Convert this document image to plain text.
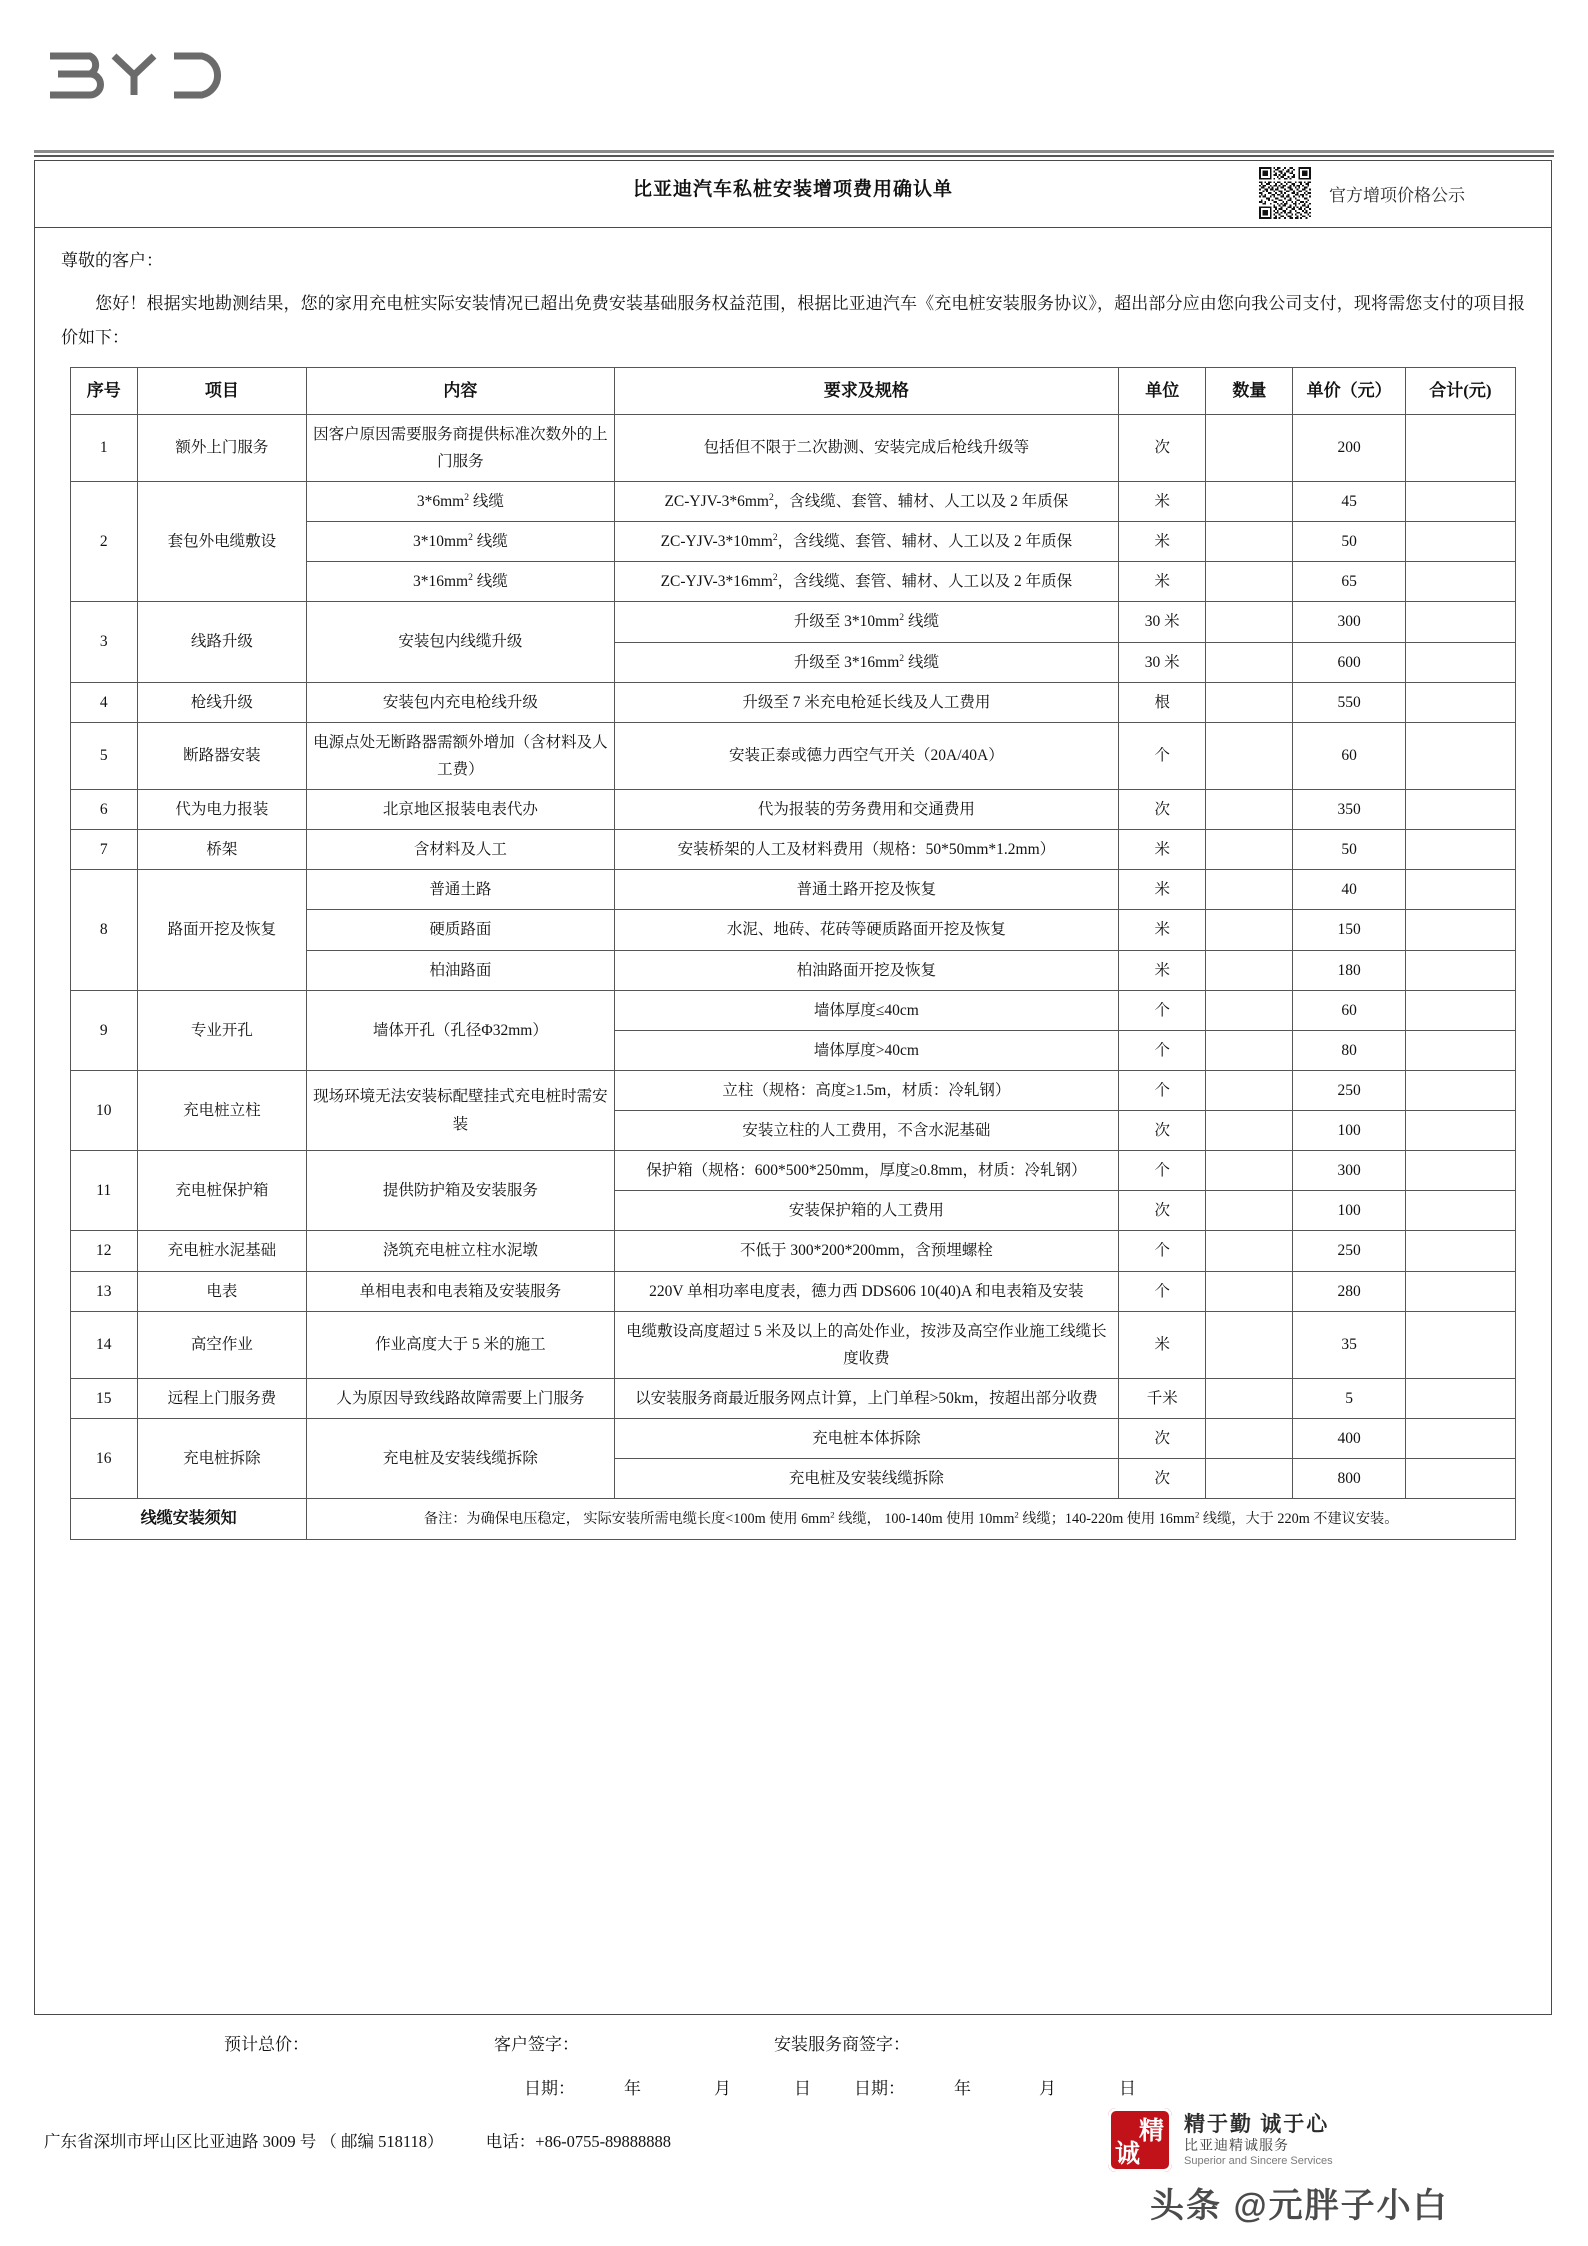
比亚迪汽车私桩安装增项费用确认单	官方增项价格公示
尊敬的客户：
您好！根据实地勘测结果，您的家用充电桩实际安装情况已超出免费安装基础服务权益范围，根据比亚迪汽车《充电桩安装服务协议》，超出部分应由您向我公司支付，现将需您支付的项目报价如下：
序号	项目	内容	要求及规格	单位	数量	单价（元）	合计(元)
1	额外上门服务	因客户原因需要服务商提供标准次数外的上门服务	包括但不限于二次勘测、安装完成后枪线升级等	次		200	
2	套包外电缆敷设	$3*6mm^2$ 线缆	$ZC-YJV-3*6mm^2$，含线缆、套管、辅材、人工以及 2 年质保	米		45	
		$3*10mm^2$ 线缆	$ZC-YJV-3*10mm^2$，含线缆、套管、辅材、人工以及 2 年质保	米		50	
		$3*16mm^2$ 线缆	$ZC-YJV-3*16mm^2$，含线缆、套管、辅材、人工以及 2 年质保	米		65	
3	线路升级	安装包内线缆升级	升级至 $3*10mm^2$ 线缆	30 米		300	
			升级至 $3*16mm^2$ 线缆	30 米		600	
4	枪线升级	安装包内充电枪线升级	升级至 7 米充电枪延长线及人工费用	根		550	
5	断路器安装	电源点处无断路器需额外增加（含材料及人工费）	安装正泰或德力西空气开关（20A/40A）	个		60	
6	代为电力报装	北京地区报装电表代办	代为报装的劳务费用和交通费用	次		350	
7	桥架	含材料及人工	安装桥架的人工及材料费用（规格：50*50mm*1.2mm）	米		50	
8	路面开挖及恢复	普通土路	普通土路开挖及恢复	米		40	
		硬质路面	水泥、地砖、花砖等硬质路面开挖及恢复	米		150	
		柏油路面	柏油路面开挖及恢复	米		180	
9	专业开孔	墙体开孔（孔径Φ32mm）	墙体厚度≤40cm	个		60	
			墙体厚度>40cm	个		80	
10	充电桩立柱	现场环境无法安装标配壁挂式充电桩时需安装	立柱（规格：高度≥1.5m，材质：冷轧钢）	个		250	
			安装立柱的人工费用，不含水泥基础	次		100	
11	充电桩保护箱	提供防护箱及安装服务	保护箱（规格：600*500*250mm，厚度≥0.8mm，材质：冷轧钢）	个		300	
			安装保护箱的人工费用	次		100	
12	充电桩水泥基础	浇筑充电桩立柱水泥墩	不低于 300*200*200mm，含预埋螺栓	个		250	
13	电表	单相电表和电表箱及安装服务	220V 单相功率电度表，德力西 DDS606 10(40)A 和电表箱及安装	个		280	
14	高空作业	作业高度大于 5 米的施工	电缆敷设高度超过 5 米及以上的高处作业，按涉及高空作业施工线缆长度收费	米		35	
15	远程上门服务费	人为原因导致线路故障需要上门服务	以安装服务商最近服务网点计算，上门单程>50km，按超出部分收费	千米		5	
16	充电桩拆除	充电桩及安装线缆拆除	充电桩本体拆除	次		400	
			充电桩及安装线缆拆除	次		800	
线缆安装须知		备注：为确保电压稳定， 实际安装所需电缆长度<100m 使用 $6mm^2$ 线缆， 100-140m 使用 $10mm^2$ 线缆；140-220m 使用 $16mm^2$ 线缆，大于 220m 不建议安装。					
预计总价：	客户签字：	安装服务商签字：
日期：	年	月	日	日期：	年	月	日
广东省深圳市坪山区比亚迪路 3009 号 （ 邮编 518118）	电话：+86-0755-89888888	精
诚
精于勤 诚于心
比亚迪精诚服务
Superior and Sincere Services
头条 @元胖子小白
